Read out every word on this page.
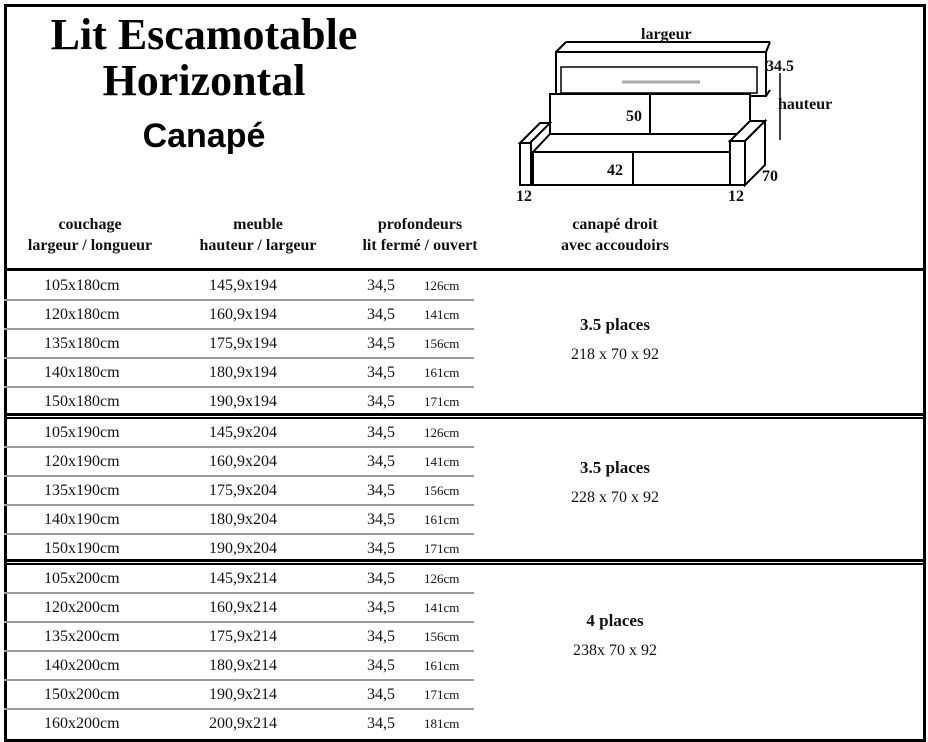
Lit Escamotable
Horizontal
Canapé
largeur
34.5
hauteur
50
42	70
12	12
couchage
largeur / longueur
meuble
hauteur / largeur
profondeurs
lit fermé / ouvert
canapé droit
avec accoudoirs
105x180cm	145,9x194	34,5 126cm
120x180cm	160,9x194	34,5 141cm
135x180cm	175,9x194	34,5 156cm
140x180cm	180,9x194	34,5 161cm
150x180cm	190,9x194	34,5 171cm
3.5 places
218 x 70 x 92
105x190cm	145,9x204	34,5 126cm
120x190cm	160,9x204	34,5 141cm
135x190cm	175,9x204	34,5 156cm
140x190cm	180,9x204	34,5 161cm
150x190cm	190,9x204	34,5 171cm
3.5 places
228 x 70 x 92
105x200cm	145,9x214	34,5 126cm
120x200cm	160,9x214	34,5 141cm
135x200cm	175,9x214	34,5 156cm
140x200cm	180,9x214	34,5 161cm
150x200cm	190,9x214	34,5 171cm
160x200cm	200,9x214	34,5 181cm
4 places
238x 70 x 92
